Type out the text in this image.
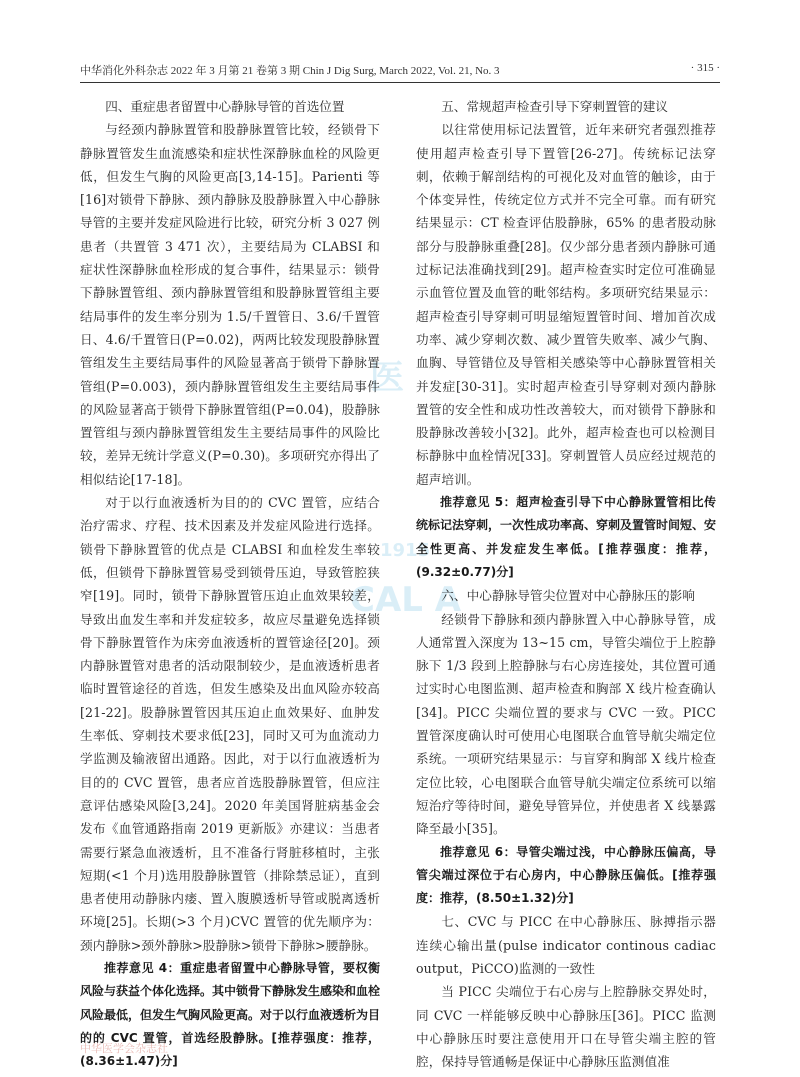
中华消化外科杂志 2022 年 3 月第 21 卷第 3 期 Chin J Dig Surg, March 2022, Vol. 21, No. 3	· 315 ·
医
1915
CAL A

四、重症患者留置中心静脉导管的首选位置

与经颈内静脉置管和股静脉置管比较，经锁骨下静脉置管发生血流感染和症状性深静脉血栓的风险更低，但发生气胸的风险更高[3,14-15]。Parienti 等[16]对锁骨下静脉、颈内静脉及股静脉置入中心静脉导管的主要并发症风险进行比较，研究分析 3 027 例患者（共置管 3 471 次），主要结局为 CLABSI 和症状性深静脉血栓形成的复合事件，结果显示：锁骨下静脉置管组、颈内静脉置管组和股静脉置管组主要结局事件的发生率分别为 1.5/千置管日、3.6/千置管日、4.6/千置管日(P=0.02)，两两比较发现股静脉置管组发生主要结局事件的风险显著高于锁骨下静脉置管组(P=0.003)，颈内静脉置管组发生主要结局事件的风险显著高于锁骨下静脉置管组(P=0.04)，股静脉置管组与颈内静脉置管组发生主要结局事件的风险比较，差异无统计学意义(P=0.30)。多项研究亦得出了相似结论[17-18]。

对于以行血液透析为目的的 CVC 置管，应结合治疗需求、疗程、技术因素及并发症风险进行选择。锁骨下静脉置管的优点是 CLABSI 和血栓发生率较低，但锁骨下静脉置管易受到锁骨压迫，导致管腔狭窄[19]。同时，锁骨下静脉置管压迫止血效果较差，导致出血发生率和并发症较多，故应尽量避免选择锁骨下静脉置管作为床旁血液透析的置管途径[20]。颈内静脉置管对患者的活动限制较少，是血液透析患者临时置管途径的首选，但发生感染及出血风险亦较高[21-22]。股静脉置管因其压迫止血效果好、血肿发生率低、穿刺技术要求低[23]，同时又可为血流动力学监测及输液留出通路。因此，对于以行血液透析为目的的 CVC 置管，患者应首选股静脉置管，但应注意评估感染风险[3,24]。2020 年美国肾脏病基金会发布《血管通路指南 2019 更新版》亦建议：当患者需要行紧急血液透析，且不准备行肾脏移植时，主张短期(<1 个月)选用股静脉置管（排除禁忌证），直到患者使用动静脉内瘘、置入腹膜透析导管或脱离透析环境[25]。长期(>3 个月)CVC 置管的优先顺序为：颈内静脉>颈外静脉>股静脉>锁骨下静脉>腰静脉。

推荐意见 4：重症患者留置中心静脉导管，要权衡风险与获益个体化选择。其中锁骨下静脉发生感染和血栓风险最低，但发生气胸风险更高。对于以行血液透析为目的的 CVC 置管，首选经股静脉。[推荐强度：推荐，(8.36±1.47)分]

五、常规超声检查引导下穿刺置管的建议

以往常使用标记法置管，近年来研究者强烈推荐使用超声检查引导下置管[26-27]。传统标记法穿刺，依赖于解剖结构的可视化及对血管的触诊，由于个体变异性，传统定位方式并不完全可靠。而有研究结果显示：CT 检查评估股静脉，65% 的患者股动脉部分与股静脉重叠[28]。仅少部分患者颈内静脉可通过标记法准确找到[29]。超声检查实时定位可准确显示血管位置及血管的毗邻结构。多项研究结果显示：超声检查引导穿刺可明显缩短置管时间、增加首次成功率、减少穿刺次数、减少置管失败率、减少气胸、血胸、导管错位及导管相关感染等中心静脉置管相关并发症[30-31]。实时超声检查引导穿刺对颈内静脉置管的安全性和成功性改善较大，而对锁骨下静脉和股静脉改善较小[32]。此外，超声检查也可以检测目标静脉中血栓情况[33]。穿刺置管人员应经过规范的超声培训。

推荐意见 5：超声检查引导下中心静脉置管相比传统标记法穿刺，一次性成功率高、穿刺及置管时间短、安全性更高、并发症发生率低。[推荐强度：推荐，(9.32±0.77)分]

六、中心静脉导管尖位置对中心静脉压的影响

经锁骨下静脉和颈内静脉置入中心静脉导管，成人通常置入深度为 13~15 cm，导管尖端位于上腔静脉下 1/3 段到上腔静脉与右心房连接处，其位置可通过实时心电图监测、超声检查和胸部 X 线片检查确认[34]。PICC 尖端位置的要求与 CVC 一致。PICC 置管深度确认时可使用心电图联合血管导航尖端定位系统。一项研究结果显示：与盲穿和胸部 X 线片检查定位比较，心电图联合血管导航尖端定位系统可以缩短治疗等待时间，避免导管异位，并使患者 X 线暴露降至最小[35]。

推荐意见 6：导管尖端过浅，中心静脉压偏高，导管尖端过深位于右心房内，中心静脉压偏低。[推荐强度：推荐，(8.50±1.32)分]

七、CVC 与 PICC 在中心静脉压、脉搏指示器连续心输出量(pulse indicator continous cadiac output，PiCCO)监测的一致性

当 PICC 尖端位于右心房与上腔静脉交界处时，同 CVC 一样能够反映中心静脉压[36]。PICC 监测中心静脉压时要注意使用开口在导管尖端主腔的管腔，保持导管通畅是保证中心静脉压监测值准

中华医学会杂志社
